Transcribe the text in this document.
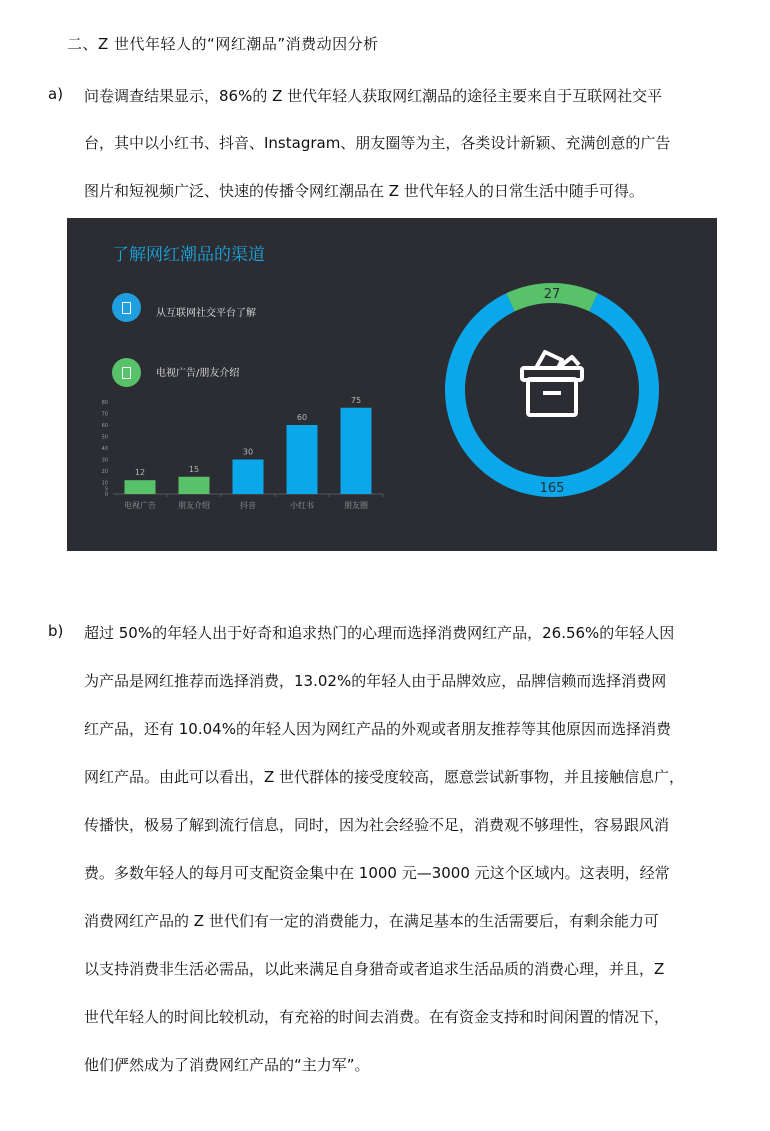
二、Z 世代年轻人的“网红潮品”消费动因分析
a) 问卷调查结果显示，86%的 Z 世代年轻人获取网红潮品的途径主要来自于互联网社交平
台，其中以小红书、抖音、Instagram、朋友圈等为主，各类设计新颖、充满创意的广告
图片和短视频广泛、快速的传播令网红潮品在 Z 世代年轻人的日常生活中随手可得。
了解网红潮品的渠道
从互联网社交平台了解
电视广告/朋友介绍
0
5
10
20
30
40
50
60
70
80
12
电视广告
15
朋友介绍
30
抖音
60
小红书
75
朋友圈
27
165
b) 超过 50%的年轻人出于好奇和追求热门的心理而选择消费网红产品，26.56%的年轻人因
为产品是网红推荐而选择消费，13.02%的年轻人由于品牌效应，品牌信赖而选择消费网
红产品，还有 10.04%的年轻人因为网红产品的外观或者朋友推荐等其他原因而选择消费
网红产品。由此可以看出，Z 世代群体的接受度较高，愿意尝试新事物，并且接触信息广，
传播快，极易了解到流行信息，同时，因为社会经验不足，消费观不够理性，容易跟风消
费。多数年轻人的每月可支配资金集中在 1000 元—3000 元这个区域内。这表明，经常
消费网红产品的 Z 世代们有一定的消费能力，在满足基本的生活需要后，有剩余能力可
以支持消费非生活必需品，以此来满足自身猎奇或者追求生活品质的消费心理，并且，Z
世代年轻人的时间比较机动，有充裕的时间去消费。在有资金支持和时间闲置的情况下，
他们俨然成为了消费网红产品的“主力军”。
